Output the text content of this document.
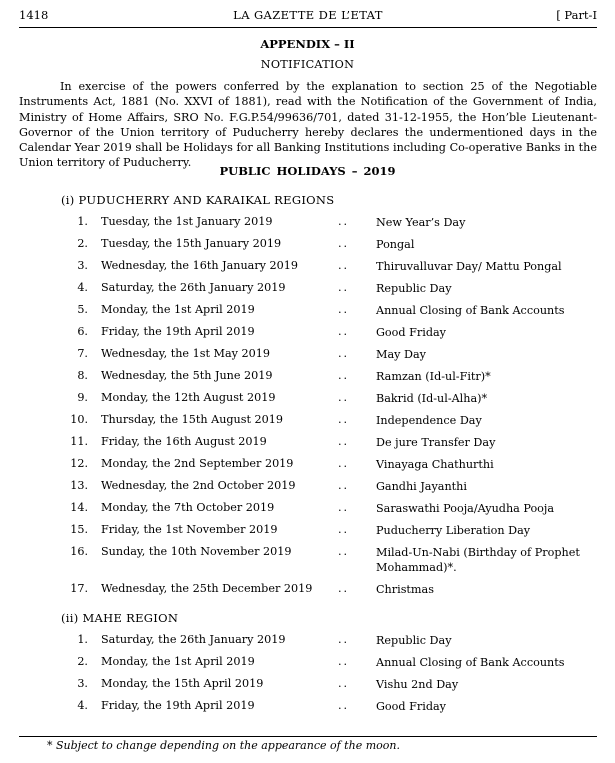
1418	LA GAZETTE DE L’ETAT	[ Part-I
APPENDIX – II
NOTIFICATION
In exercise of the powers conferred by the explanation to section 25 of the Negotiable Instruments Act, 1881 (No. XXVI of 1881), read with the Notification of the Government of India, Ministry of Home Affairs, SRO No. F.G.P.54/99636/701, dated 31-12-1955, the Hon’ble Lieutenant-Governor of the Union territory of Puducherry hereby declares the undermentioned days in the Calendar Year 2019 shall be Holidays for all Banking Institutions including Co-operative Banks in the Union territory of Puducherry.
PUBLIC HOLIDAYS – 2019
(i) PUDUCHERRY AND KARAIKAL REGIONS
1. Tuesday, the 1st January 2019	.. New Year’s Day
2. Tuesday, the 15th January 2019	.. Pongal
3. Wednesday, the 16th January 2019	.. Thiruvalluvar Day/ Mattu Pongal
4. Saturday, the 26th January 2019	.. Republic Day
5. Monday, the 1st April 2019	.. Annual Closing of Bank Accounts
6. Friday, the 19th April 2019	.. Good Friday
7. Wednesday, the 1st May 2019	.. May Day
8. Wednesday, the 5th June 2019	.. Ramzan (Id-ul-Fitr)*
9. Monday, the 12th August 2019	.. Bakrid (Id-ul-Alha)*
10. Thursday, the 15th August 2019	.. Independence Day
11. Friday, the 16th August 2019	.. De jure Transfer Day
12. Monday, the 2nd September 2019	.. Vinayaga Chathurthi
13. Wednesday, the 2nd October 2019	.. Gandhi Jayanthi
14. Monday, the 7th October 2019	.. Saraswathi Pooja/Ayudha Pooja
15. Friday, the 1st November 2019	.. Puducherry Liberation Day
16. Sunday, the 10th November 2019	.. Milad-Un-Nabi (Birthday of Prophet Mohammad)*.
17. Wednesday, the 25th December 2019 .. Christmas
(ii) MAHE REGION
1. Saturday, the 26th January 2019	.. Republic Day
2. Monday, the 1st April 2019	.. Annual Closing of Bank Accounts
3. Monday, the 15th April 2019	.. Vishu 2nd Day
4. Friday, the 19th April 2019	.. Good Friday
* Subject to change depending on the appearance of the moon.
